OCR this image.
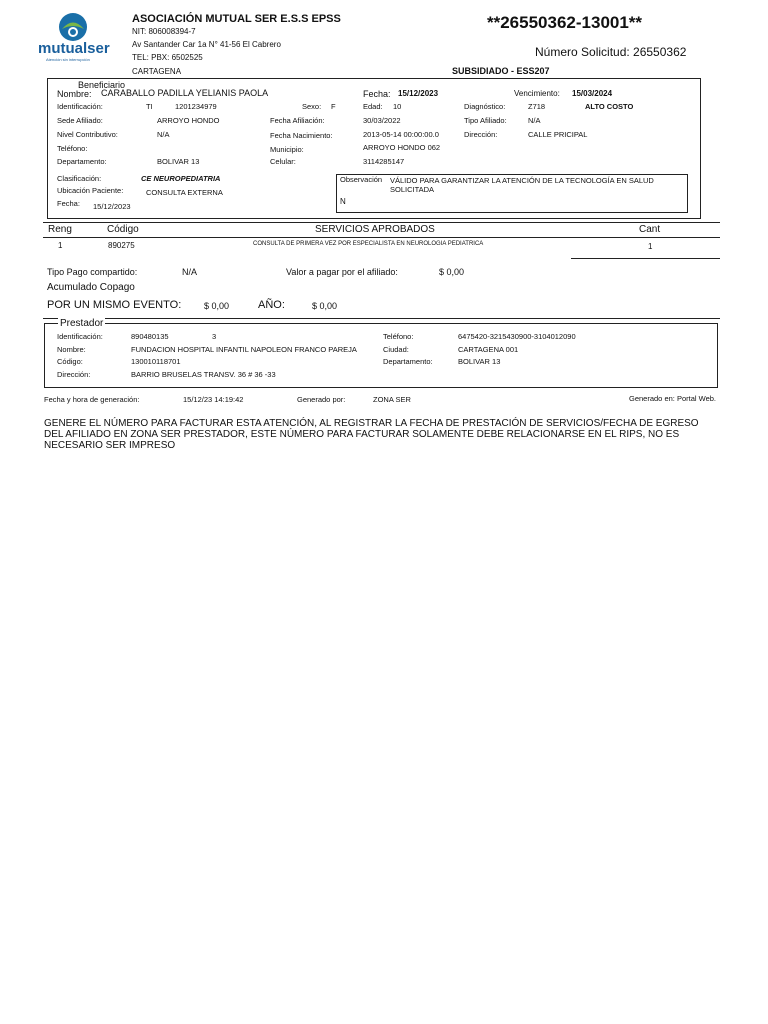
mutualser
Atención sin interrupción
ASOCIACIÓN MUTUAL SER E.S.S EPSS
NIT: 806008394-7
Av Santander Car 1a N° 41-56 El Cabrero
TEL: PBX: 6502525
CARTAGENA
**26550362-13001**
Número Solicitud: 26550362
SUBSIDIADO - ESS207
Beneficiario
Nombre: CARABALLO PADILLA YELIANIS PAOLA	Fecha: 15/12/2023	Vencimiento: 15/03/2024
Identificación:	TI	1201234979	Sexo: F	Edad: 10	Diagnóstico:	Z718	ALTO COSTO
Sede Afiliado:	ARROYO HONDO	Fecha Afiliación:	30/03/2022	Tipo Afiliado:	N/A
Nivel Contributivo:	N/A	Fecha Nacimiento:	2013-05-14 00:00:00.0	Dirección:	CALLE PRICIPAL
Teléfono:	Municipio:	ARROYO HONDO 062
Departamento:	BOLIVAR 13	Celular:	3114285147
Clasificación:	CE NEUROPEDIATRIA
Ubicación Paciente:	CONSULTA EXTERNA
Fecha: 15/12/2023
Observación VÁLIDO PARA GARANTIZAR LA ATENCIÓN DE LA TECNOLOGÍA EN SALUD
SOLICITADA
N
Reng	Código	SERVICIOS APROBADOS	Cant
1	890275	CONSULTA DE PRIMERA VEZ POR ESPECIALISTA EN NEUROLOGIA PEDIATRICA	1
Tipo Pago compartido:	N/A	Valor a pagar por el afiliado:	$ 0,00
Acumulado Copago
POR UN MISMO EVENTO:	$ 0,00	AÑO:	$ 0,00
Prestador
Identificación:	890480135	3	Teléfono:	6475420-3215430900-3104012090
Nombre:	FUNDACION HOSPITAL INFANTIL NAPOLEON FRANCO PAREJA	Ciudad:	CARTAGENA 001
Código:	130010118701	Departamento:	BOLIVAR 13
Dirección:	BARRIO BRUSELAS TRANSV. 36 # 36 -33
Fecha y hora de generación:	15/12/23 14:19:42	Generado por:	ZONA SER	Generado en: Portal Web.
GENERE EL NÚMERO PARA FACTURAR ESTA ATENCIÓN, AL REGISTRAR LA FECHA DE PRESTACIÓN DE SERVICIOS/FECHA DE EGRESO
DEL AFILIADO EN ZONA SER PRESTADOR, ESTE NÚMERO PARA FACTURAR SOLAMENTE DEBE RELACIONARSE EN EL RIPS, NO ES
NECESARIO SER IMPRESO
